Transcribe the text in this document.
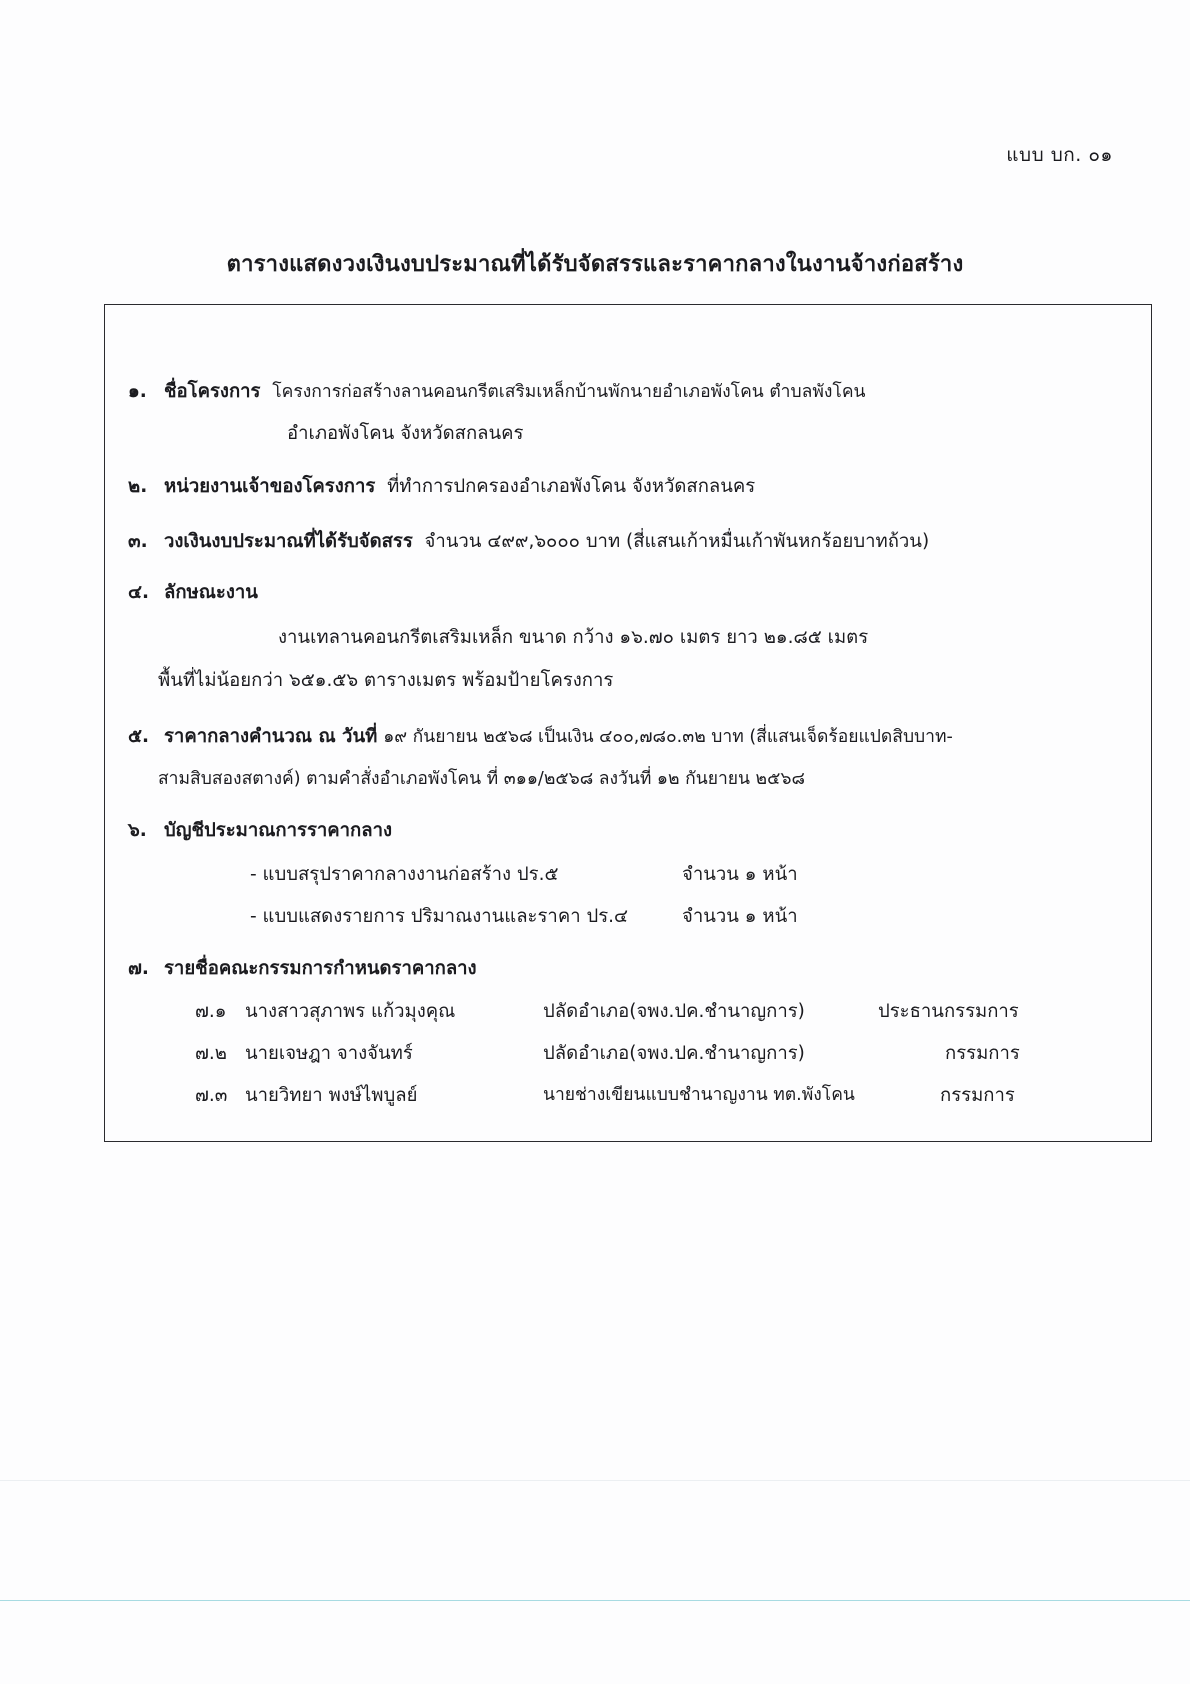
แบบ บก. ๐๑
ตารางแสดงวงเงินงบประมาณที่ได้รับจัดสรรและราคากลางในงานจ้างก่อสร้าง
๑. ชื่อโครงการ โครงการก่อสร้างลานคอนกรีตเสริมเหล็กบ้านพักนายอำเภอพังโคน ตำบลพังโคน
อำเภอพังโคน จังหวัดสกลนคร
๒. หน่วยงานเจ้าของโครงการ ที่ทำการปกครองอำเภอพังโคน จังหวัดสกลนคร
๓. วงเงินงบประมาณที่ได้รับจัดสรร จำนวน ๔๙๙,๖๐๐๐ บาท (สี่แสนเก้าหมื่นเก้าพันหกร้อยบาทถ้วน)
๔. ลักษณะงาน
งานเทลานคอนกรีตเสริมเหล็ก ขนาด กว้าง ๑๖.๗๐ เมตร ยาว ๒๑.๘๕ เมตร
พื้นที่ไม่น้อยกว่า ๖๕๑.๕๖ ตารางเมตร พร้อมป้ายโครงการ
๕. ราคากลางคำนวณ ณ วันที่ ๑๙ กันยายน ๒๕๖๘ เป็นเงิน ๔๐๐,๗๘๐.๓๒ บาท (สี่แสนเจ็ดร้อยแปดสิบบาท-
สามสิบสองสตางค์) ตามคำสั่งอำเภอพังโคน ที่ ๓๑๑/๒๕๖๘ ลงวันที่ ๑๒ กันยายน ๒๕๖๘
๖. บัญชีประมาณการราคากลาง
- แบบสรุปราคากลางงานก่อสร้าง ปร.๕	จำนวน ๑ หน้า
- แบบแสดงรายการ ปริมาณงานและราคา ปร.๔	จำนวน ๑ หน้า
๗. รายชื่อคณะกรรมการกำหนดราคากลาง
๗.๑ นางสาวสุภาพร แก้วมุงคุณ	ปลัดอำเภอ(จพง.ปค.ชำนาญการ)	ประธานกรรมการ
๗.๒ นายเจษฎา จางจันทร์	ปลัดอำเภอ(จพง.ปค.ชำนาญการ)	กรรมการ
๗.๓ นายวิทยา พงษ์ไพบูลย์	นายช่างเขียนแบบชำนาญงาน ทต.พังโคน	กรรมการ
